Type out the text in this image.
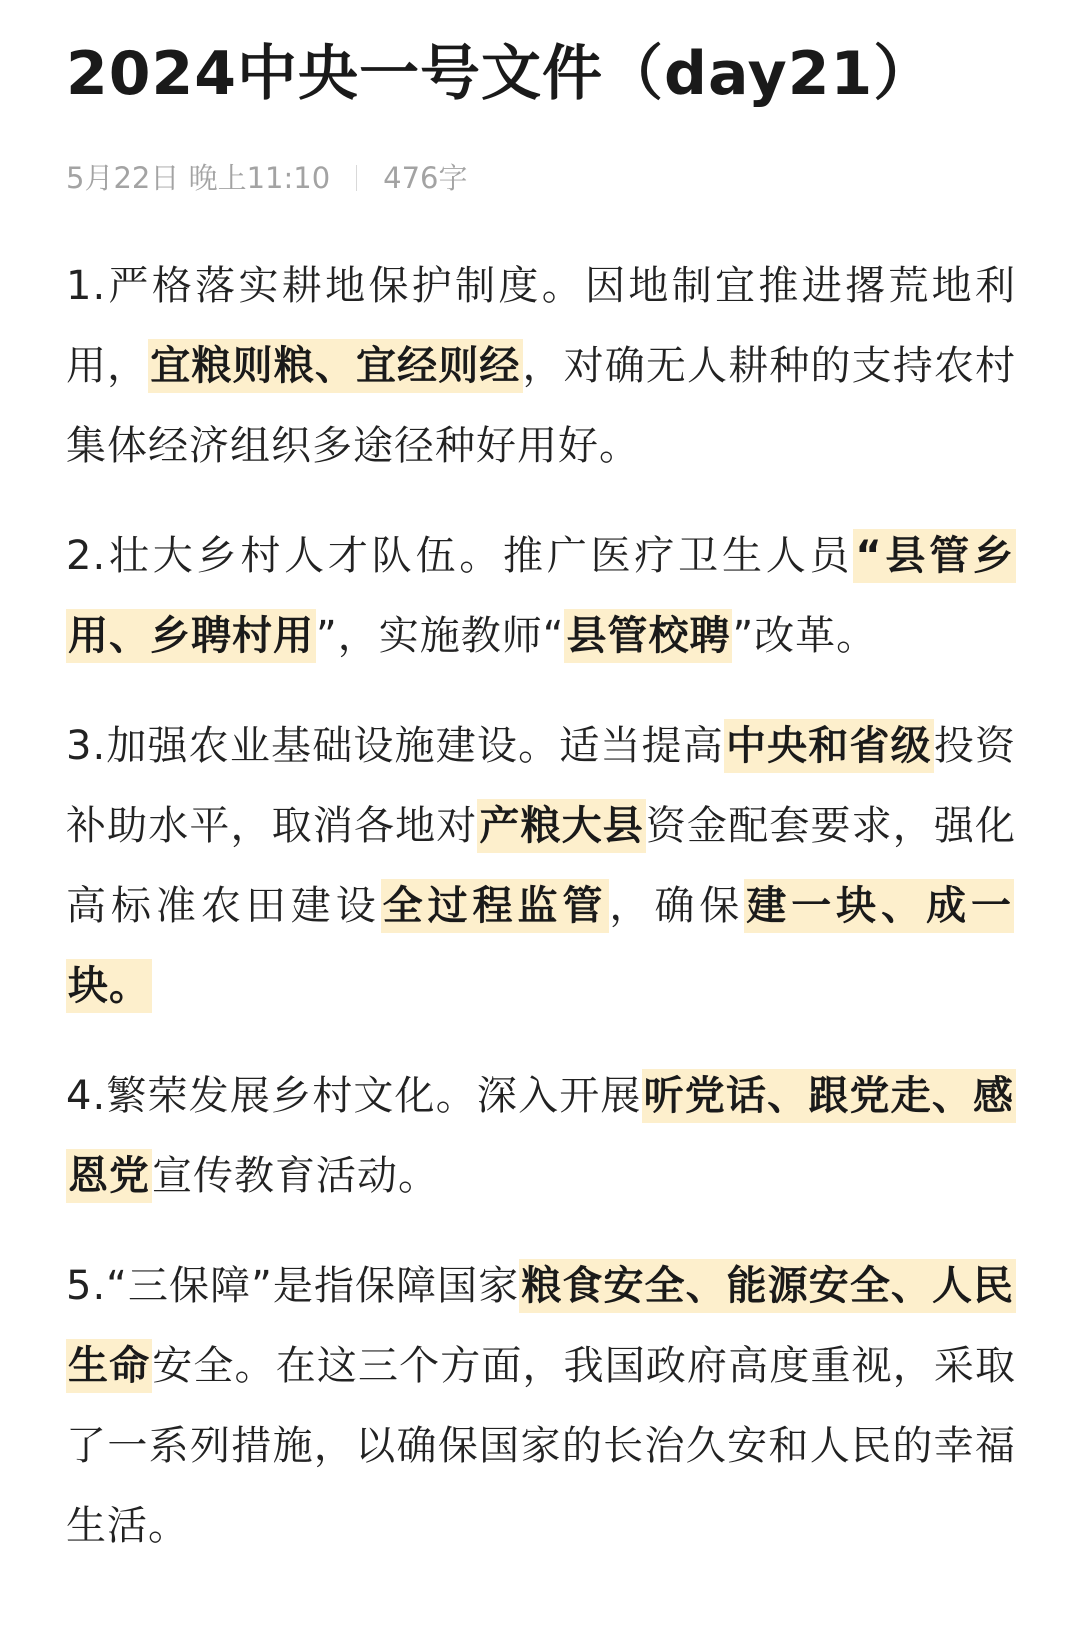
2024中央一号文件（day21）
5月22日 晚上11:10 476字

1.严格落实耕地保护制度。因地制宜推进撂荒地利用，宜粮则粮、宜经则经，对确无人耕种的支持农村集体经济组织多途径种好用好。

2.壮大乡村人才队伍。推广医疗卫生人员“县管乡用、乡聘村用”，实施教师“县管校聘”改革。

3.加强农业基础设施建设。适当提高中央和省级投资补助水平，取消各地对产粮大县资金配套要求，强化高标准农田建设全过程监管，确保建一块、成一块。

4.繁荣发展乡村文化。深入开展听党话、跟党走、感恩党宣传教育活动。

5.“三保障”是指保障国家粮食安全、能源安全、人民生命安全。在这三个方面，我国政府高度重视，采取了一系列措施，以确保国家的长治久安和人民的幸福生活。
